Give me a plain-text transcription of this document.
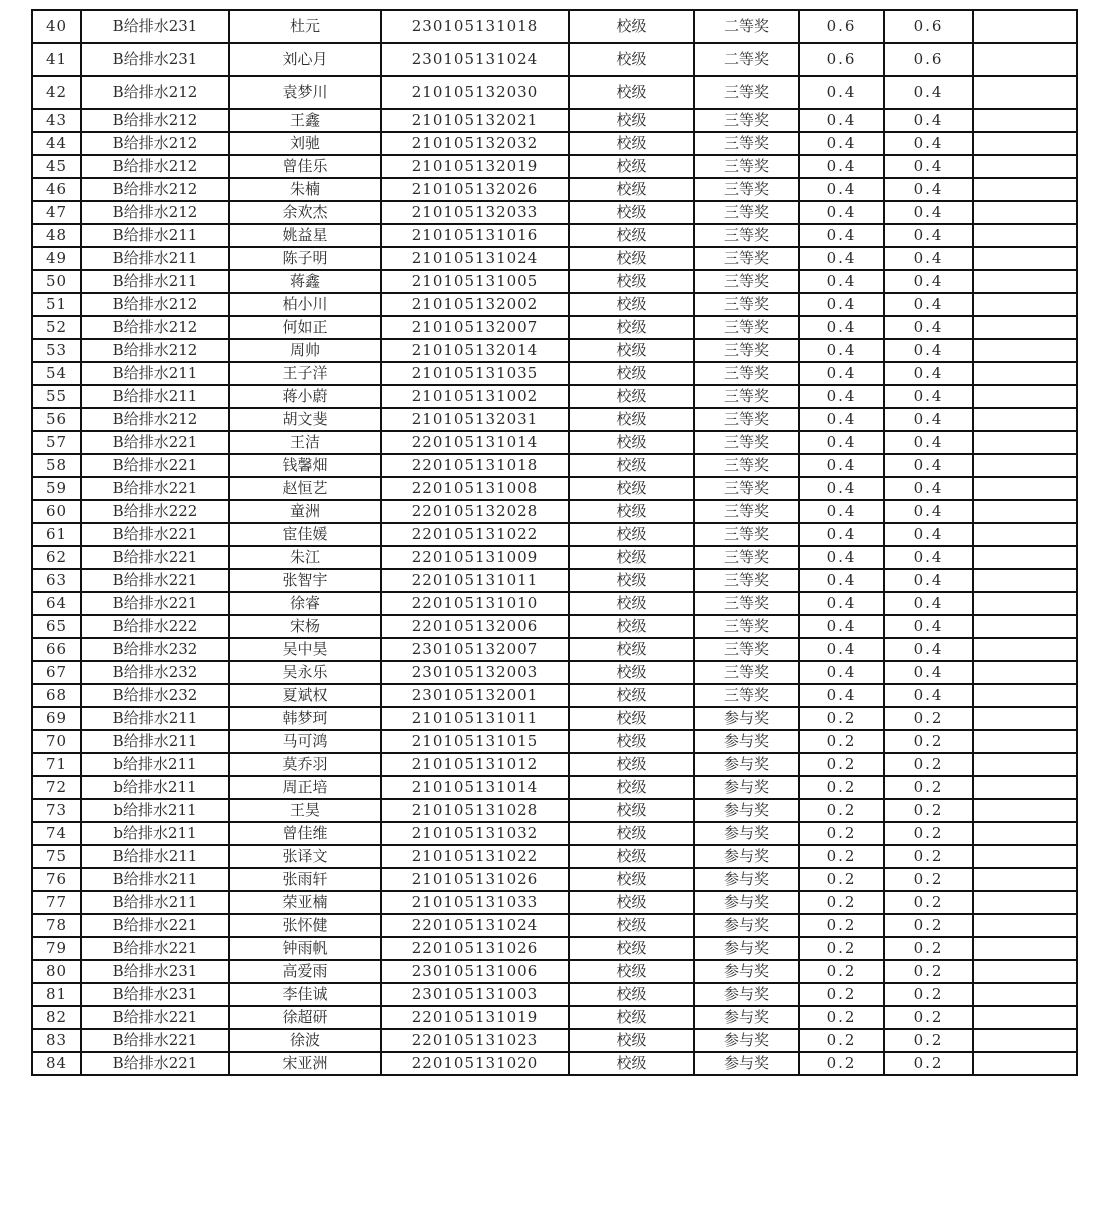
40	B给排水231	杜元	230105131018	校级	二等奖	0.6	0.6	
41	B给排水231	刘心月	230105131024	校级	二等奖	0.6	0.6	
42	B给排水212	袁梦川	210105132030	校级	三等奖	0.4	0.4	
43	B给排水212	王鑫	210105132021	校级	三等奖	0.4	0.4	
44	B给排水212	刘驰	210105132032	校级	三等奖	0.4	0.4	
45	B给排水212	曾佳乐	210105132019	校级	三等奖	0.4	0.4	
46	B给排水212	朱楠	210105132026	校级	三等奖	0.4	0.4	
47	B给排水212	余欢杰	210105132033	校级	三等奖	0.4	0.4	
48	B给排水211	姚益星	210105131016	校级	三等奖	0.4	0.4	
49	B给排水211	陈子明	210105131024	校级	三等奖	0.4	0.4	
50	B给排水211	蒋鑫	210105131005	校级	三等奖	0.4	0.4	
51	B给排水212	柏小川	210105132002	校级	三等奖	0.4	0.4	
52	B给排水212	何如正	210105132007	校级	三等奖	0.4	0.4	
53	B给排水212	周帅	210105132014	校级	三等奖	0.4	0.4	
54	B给排水211	王子洋	210105131035	校级	三等奖	0.4	0.4	
55	B给排水211	蒋小蔚	210105131002	校级	三等奖	0.4	0.4	
56	B给排水212	胡文斐	210105132031	校级	三等奖	0.4	0.4	
57	B给排水221	王洁	220105131014	校级	三等奖	0.4	0.4	
58	B给排水221	钱馨畑	220105131018	校级	三等奖	0.4	0.4	
59	B给排水221	赵恒艺	220105131008	校级	三等奖	0.4	0.4	
60	B给排水222	童洲	220105132028	校级	三等奖	0.4	0.4	
61	B给排水221	宦佳媛	220105131022	校级	三等奖	0.4	0.4	
62	B给排水221	朱江	220105131009	校级	三等奖	0.4	0.4	
63	B给排水221	张智宇	220105131011	校级	三等奖	0.4	0.4	
64	B给排水221	徐睿	220105131010	校级	三等奖	0.4	0.4	
65	B给排水222	宋杨	220105132006	校级	三等奖	0.4	0.4	
66	B给排水232	吴中昊	230105132007	校级	三等奖	0.4	0.4	
67	B给排水232	吴永乐	230105132003	校级	三等奖	0.4	0.4	
68	B给排水232	夏斌权	230105132001	校级	三等奖	0.4	0.4	
69	B给排水211	韩梦珂	210105131011	校级	参与奖	0.2	0.2	
70	B给排水211	马可鸿	210105131015	校级	参与奖	0.2	0.2	
71	b给排水211	莫乔羽	210105131012	校级	参与奖	0.2	0.2	
72	b给排水211	周正培	210105131014	校级	参与奖	0.2	0.2	
73	b给排水211	王昊	210105131028	校级	参与奖	0.2	0.2	
74	b给排水211	曾佳维	210105131032	校级	参与奖	0.2	0.2	
75	B给排水211	张译文	210105131022	校级	参与奖	0.2	0.2	
76	B给排水211	张雨轩	210105131026	校级	参与奖	0.2	0.2	
77	B给排水211	荣亚楠	210105131033	校级	参与奖	0.2	0.2	
78	B给排水221	张怀健	220105131024	校级	参与奖	0.2	0.2	
79	B给排水221	钟雨帆	220105131026	校级	参与奖	0.2	0.2	
80	B给排水231	高爱雨	230105131006	校级	参与奖	0.2	0.2	
81	B给排水231	李佳诚	230105131003	校级	参与奖	0.2	0.2	
82	B给排水221	徐超研	220105131019	校级	参与奖	0.2	0.2	
83	B给排水221	徐波	220105131023	校级	参与奖	0.2	0.2	
84	B给排水221	宋亚洲	220105131020	校级	参与奖	0.2	0.2	
